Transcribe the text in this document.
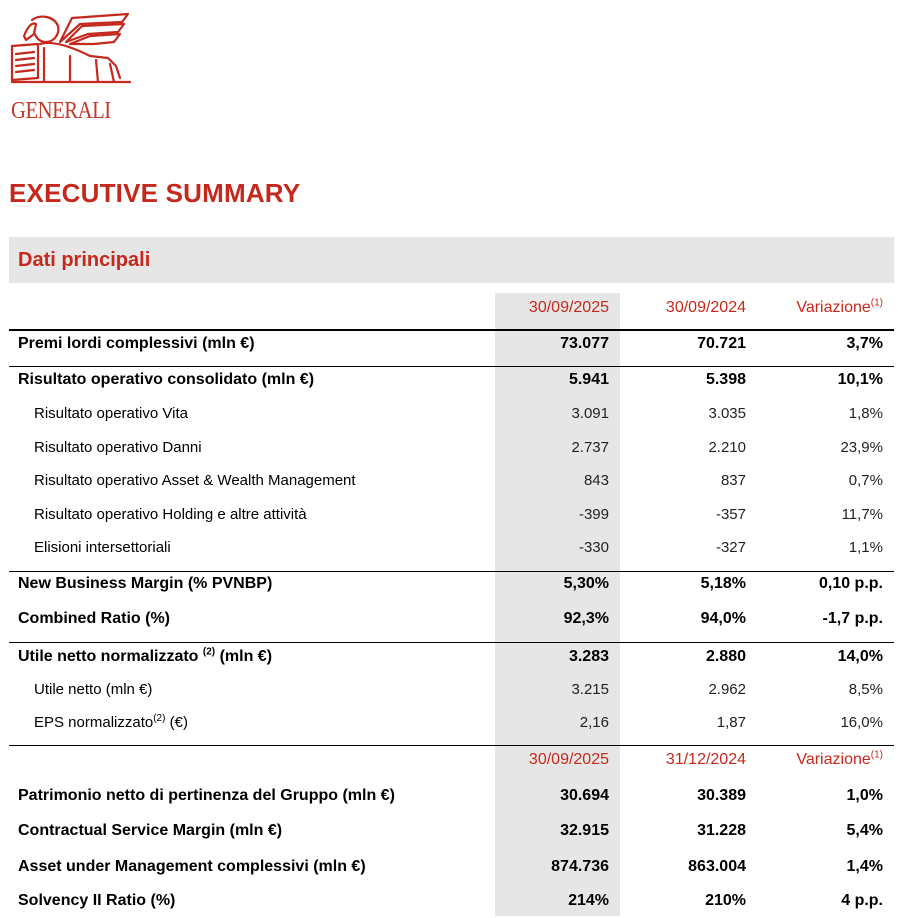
GENERALI
EXECUTIVE SUMMARY
Dati principali
30/09/2025	30/09/2024	Variazione$^{(1)}$
Premi lordi complessivi (mln €)	73.077	70.721	3,7%
Risultato operativo consolidato (mln €)	5.941	5.398	10,1%
Risultato operativo Vita	3.091	3.035	1,8%
Risultato operativo Danni	2.737	2.210	23,9%
Risultato operativo Asset & Wealth Management	843	837	0,7%
Risultato operativo Holding e altre attività	-399	-357	11,7%
Elisioni intersettoriali	-330	-327	1,1%
New Business Margin (% PVNBP)	5,30%	5,18%	0,10 p.p.
Combined Ratio (%)	92,3%	94,0%	-1,7 p.p.
Utile netto normalizzato $^{(2)}$ (mln €)	3.283	2.880	14,0%
Utile netto (mln €)	3.215	2.962	8,5%
EPS normalizzato$^{(2)}$ (€)	2,16	1,87	16,0%
30/09/2025	31/12/2024	Variazione$^{(1)}$
Patrimonio netto di pertinenza del Gruppo (mln €)	30.694	30.389	1,0%
Contractual Service Margin (mln €)	32.915	31.228	5,4%
Asset under Management complessivi (mln €)	874.736	863.004	1,4%
Solvency II Ratio (%)	214%	210%	4 p.p.
